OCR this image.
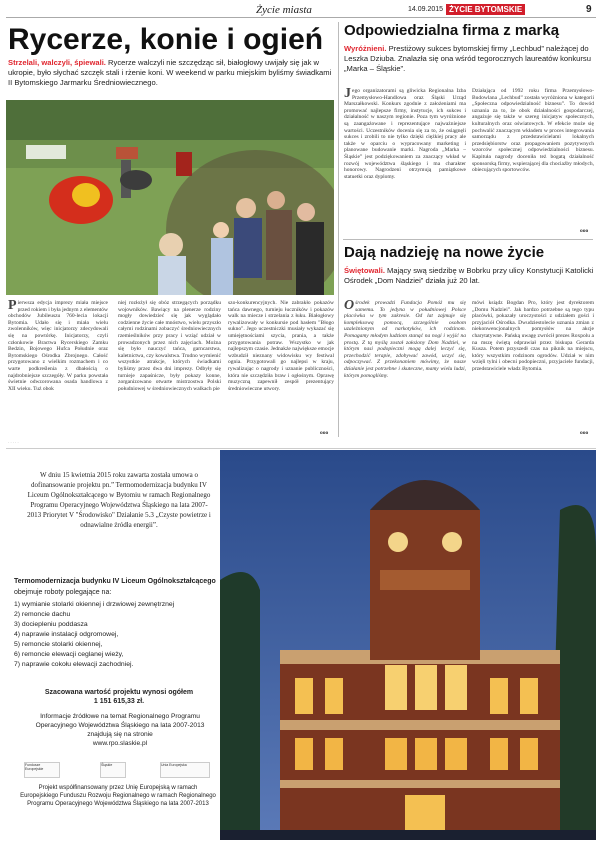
Życie miasta	14.09.2015 ŻYCIE BYTOMSKIE	9
Rycerze, konie i ogień
Strzelali, walczyli, śpiewali. Rycerze walczyli nie szczędząc sił, białogłowy uwijały się jak w ukropie, było słychać szczęk stali i rżenie koni. W weekend w parku miejskim byliśmy świadkami II Bytomskiego Jarmarku Średniowiecznego.
Pierwsza edycja imprezy miała miejsce przed rokiem i była jednym z elementów obchodów Jubileuszu 760-lecia lokacji Bytomia. Udało się i miała wielu zwolenników, więc inicjatorzy zdecydowali się na powtórkę. Inicjatorzy, czyli członkowie Bractwa Rycerskiego Zamku Bedzin, Bojowego Hufca Południe oraz Bytomskiego Ośrodka Zbrojnego. Całość przygotowano z wielkim rozmachem i co warte podkreślenia z dbałością o najdrobniejsze szczegóły. W parku powstała świetnie odwzorowana osada handlowa z XII wieku. Tuż obok
niej rozłożył się obóz strzegących porządku wojowników. Bawiący na plenerze rodziny mogły dowiedzieć się jak wyglądało codzienne życie całe mnóstwo, wielu przyszło całymi rodzinami zobaczyć średniowiecznych rzemieślników przy pracy i wziąć udział w prowadzonych przez nich zajęciach. Można się było nauczyć tańca, garncarstwa, kaletnictwa, czy kowalstwa. Trudno wymienić wszystkie atrakcje, których świadkami byliśmy przez dwa dni imprezy. Odbyły się turnieje zapaśnicze, były pokazy konne, zorganizowano otwarte mistrzostwa Polski południowej w średniowiecznych walkach pie
szo-konkurencyjnych. Nie zabrakło pokazów tańca dawnego, turnieju łuczników i pokazów walk na miecze i strzelania z łuku. Białogłowy rywalizowały w konkursie pod hasłem "Błogo sukno". Jego uczestniczki musiały wykazać się umiejętnościami szycia, prania, a także przygotowania potraw. Wszystko w jak najlepszym czasie. Jednakże największe emocje wzbudził nieznany widowisku wy festiwal ognia. Przygotowali go najlepsi w kraju, rywalizując o nagrody i uznanie publiczności, która nie szczędziła braw i ogłośnym. Oprawę muzyczną zapewnił zespół prezentujący średniowieczne utwory.
ooo
Odpowiedzialna firma z marką
Wyróżnieni. Prestiżowy sukces bytomskiej firmy „Lechbud” należącej do Leszka Dziuba. Znalazła się ona wśród tegorocznych laureatów konkursu „Marka – Śląskie”.
Jego organizatorami są gliwicka Regionalna Izba Przemysłowo-Handlowa oraz Śląski Urząd Marszałkowski. Konkurs zgodnie z założeniami ma promować najlepsze firmy, instytucje, ich sukces i działalność w naszym regionie. Poza tym wyróżnione są zaangażowane i reprezentujące najważniejsze wartości. Uczestników docenia się za to, że osiągnęli sukces i zrobili to nie tylko dzięki ciężkiej pracy ale także w oparciu o wypracowany marketing i planowane budowanie marki. Nagroda „Marka – Śląskie” jest podziękowaniem za znaczący wkład w rozwój województwa śląskiego i ma charakter honorowy. Nagrodzeni otrzymują pamiątkowe statuetki oraz dyplomy.
Działająca od 1992 roku firma Przemysłowo-Budowlana „Lechbud” została wyróżniona w kategorii „Społeczna odpowiedzialność biznesu”. To dowód uznania za to, że obok działalności gospodarczej, angażuje się także w szereg inicjatyw społecznych, kulturalnych oraz oświatowych. W efekcie może się pochwalić znaczącym wkładem w proces integrowania samorządu z przedstawicielami lokalnych przedsiębiorstw oraz propagowaniem pozytywnych wzorców społecznej odpowiedzialności biznesu. Kapituła nagrody doceniła też bogatą działalność sponsorską firmy, wspierającej dla chociażby młodych, obiecujących sportowców.
ooo
Dają nadzieję na nowe życie
Świętowali. Mający swą siedzibę w Bobrku przy ulicy Konstytucji Katolicki Ośrodek „Dom Nadziei” działa już 20 lat.
Ośrodek prowadzi Fundacja Pomóż mu się samemu. To jedyna w południowej Polsce placówka w tym zakresie. Od lat zajmuje się kompleksową pomocą, szczególnie osobom uzależnionym od narkotyków, ich rodzinom. Pomagamy młodym ludziom stanąć na nogi i wyjść na prostą. Z tą myślą został założony Dom Nadziei, w którym nasi podopieczni mogą dalej leczyć się, przechodzić terapie, zdobywać zawód, uczyć się, odpoczywać. Z przekonaniem mówimy, że nasze działanie jest potrzebne i skuteczne, mamy wielu ludzi, którym pomogliśmy.
mówi ksiądz Bogdan Pro, który jest dyrektorem „Domu Nadziei”. Jak bardzo potrzebne są tego typu placówki, pokazały uroczystości z udziałem gości i przyjaciół Ośrodka. Dwudziestolecie uznania zmian z niekonwencjonalnych pomysłów na akcje charytatywne. Pańską uwagę zwrócił prezes Roxpolu a na mszę świętą odprawiał przez biskupa Gerarda Kusza. Potem przyszedł czas na piknik na miejscu, który wszystkim rodzinom ogrodów. Udział w nim wzięli tylni i obecni podopieczni, przyjaciele fundacji, przedstawiciele władz Bytomia.
ooo
W dniu 15 kwietnia 2015 roku zawarta została umowa o dofinansowanie projektu pn.” Termomodernizacja budynku IV Liceum Ogólnokształcącego w Bytomiu w ramach Regionalnego Programu Operacyjnego Województwa Śląskiego na lata 2007-2013 Priorytet V "Środowisko" Działanie 5.3 „Czyste powietrze i odnawialne źródła energii”.
Termomodernizacja budynku IV Liceum Ogólnokształcącego obejmuje roboty polegające na:
1) wymianie stolarki okiennej i drzwiowej zewnętrznej
2) remoncie dachu
3) dociepleniu poddasza
4) naprawie instalacji odgromowej,
5) remoncie stolarki okiennej,
6) remoncie elewacji ceglanej wieży,
7) naprawie cokołu elewacji zachodniej.
Szacowana wartość projektu wynosi ogółem
1 151 615,33 zł.
Informacje źródłowe na temat Regionalnego Programu Operacyjnego Województwa Śląskiego na lata 2007-2013 znajdują się na stronie
www.rpo.slaskie.pl
Fundusze Europejskie
Śląskie	Unia Europejska
Projekt współfinansowany przez Unię Europejską w ramach Europejskiego Funduszu Rozwoju Regionalnego w ramach Regionalnego Programu Operacyjnego Województwa Śląskiego na lata 2007-2013
·····
